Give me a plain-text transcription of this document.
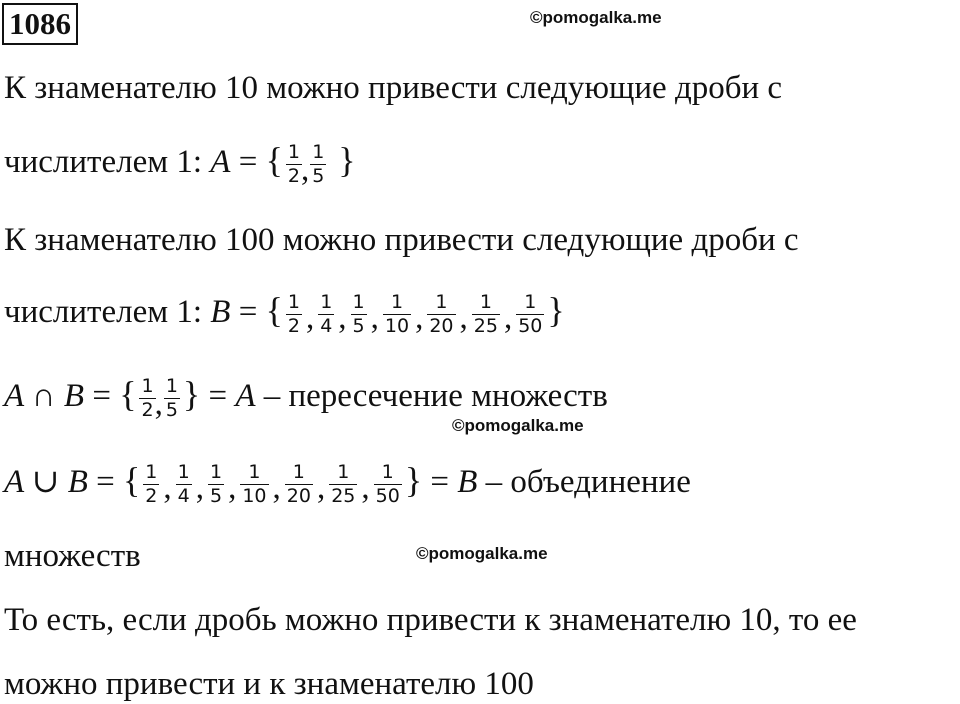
1086	©pomogalka.me
К знаменателю 10 можно привести следующие дроби с
числителем 1: A = { $\frac{1}{2}$ , $\frac{1}{5}$ }
К знаменателю 100 можно привести следующие дроби с
числителем 1: B = { $\frac{1}{2}$ , $\frac{1}{4}$ , $\frac{1}{5}$ , $\frac{1}{10}$ , $\frac{1}{20}$ , $\frac{1}{25}$ , $\frac{1}{50}$ }
A ∩ B = { $\frac{1}{2}$ , $\frac{1}{5}$ } = A – пересечение множеств
©pomogalka.me
A ∪ B = { $\frac{1}{2}$ , $\frac{1}{4}$ , $\frac{1}{5}$ , $\frac{1}{10}$ , $\frac{1}{20}$ , $\frac{1}{25}$ , $\frac{1}{50}$ } = B – объединение
множеств	©pomogalka.me
То есть, если дробь можно привести к знаменателю 10, то ее
можно привести и к знаменателю 100
